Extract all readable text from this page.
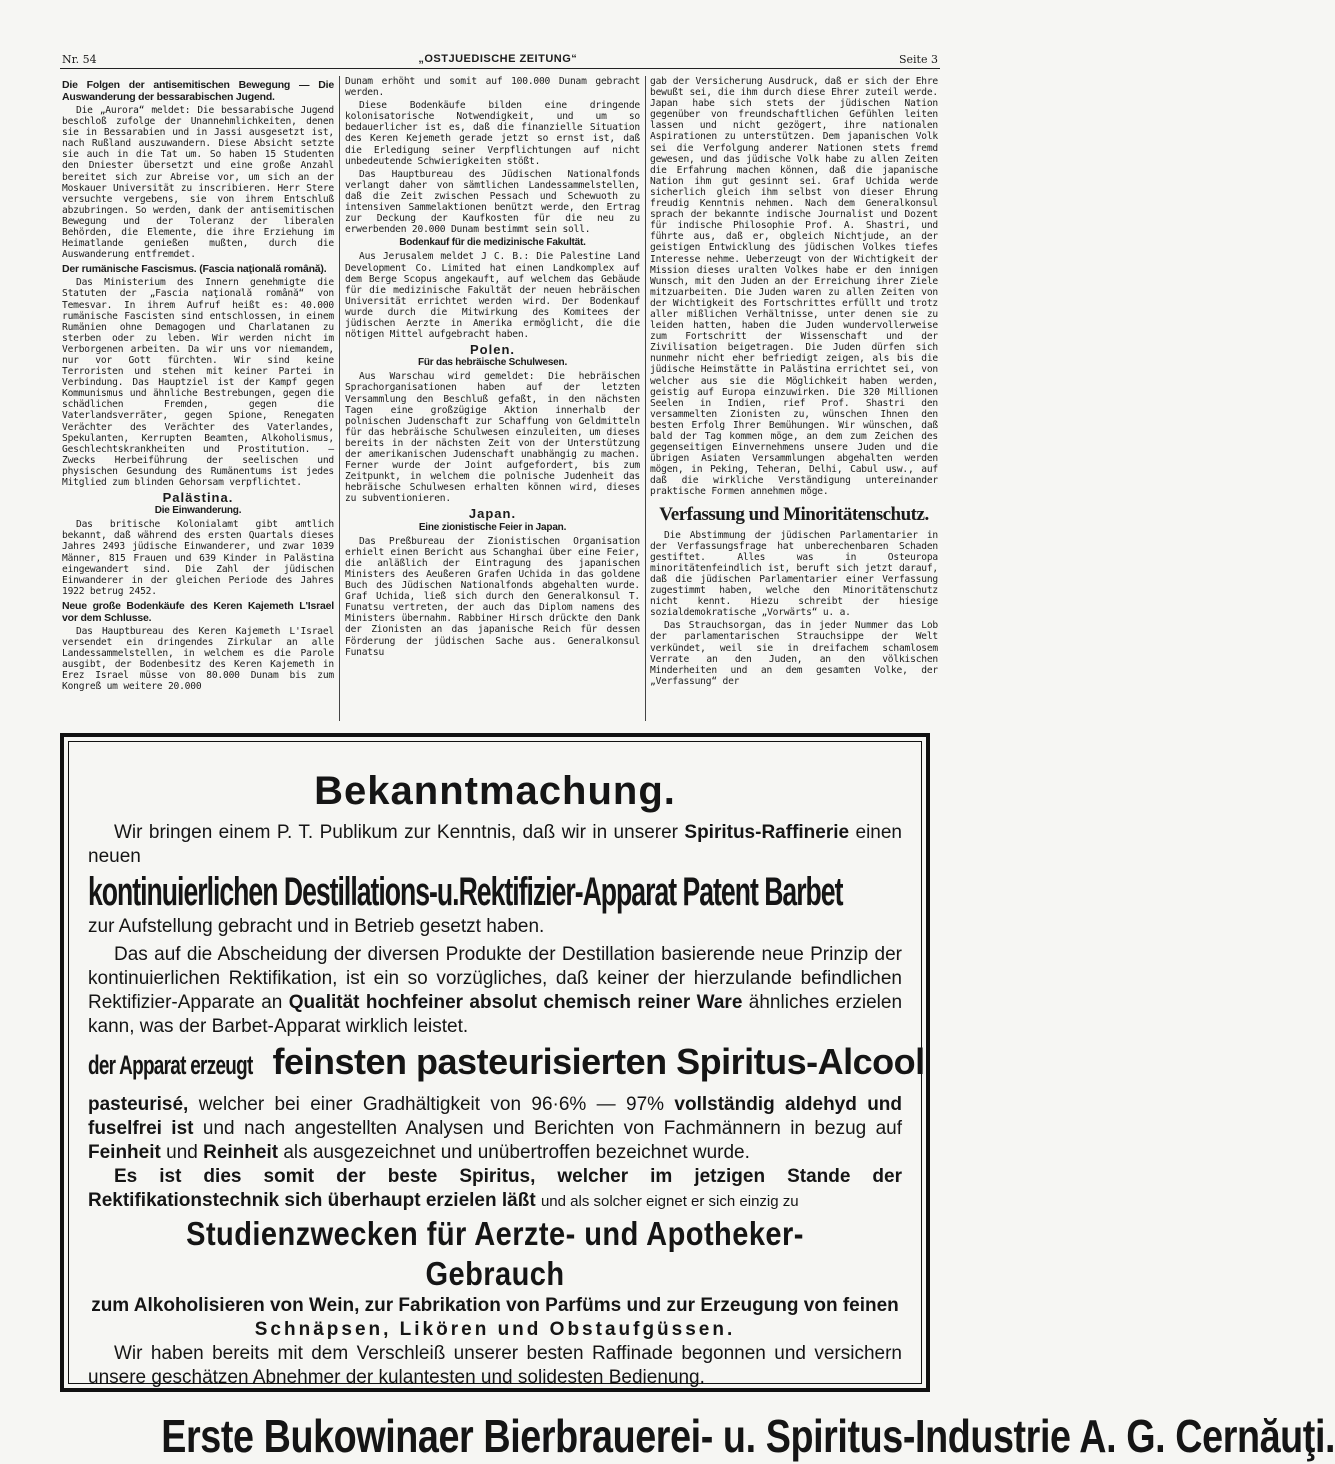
Nr. 54	„OSTJUEDISCHE ZEITUNG“	Seite 3
Die Folgen der antisemitischen Bewegung — Die Auswanderung der bessarabischen Jugend.

Die „Aurora“ meldet: Die bessarabische Jugend beschloß zufolge der Unannehmlichkeiten, denen sie in Bessarabien und in Jassi ausgesetzt ist, nach Rußland auszuwandern. Diese Absicht setzte sie auch in die Tat um. So haben 15 Studenten den Dniester übersetzt und eine große Anzahl bereitet sich zur Abreise vor, um sich an der Moskauer Universität zu inscribieren. Herr Stere versuchte vergebens, sie von ihrem Entschluß abzubringen. So werden, dank der antisemitischen Bewegung und der Toleranz der liberalen Behörden, die Elemente, die ihre Erziehung im Heimatlande genießen mußten, durch die Auswanderung entfremdet.

Der rumänische Fascismus. (Fascia naţională română).

Das Ministerium des Innern genehmigte die Statuten der „Fascia naţională română“ von Temesvar. In ihrem Aufruf heißt es: 40.000 rumänische Fascisten sind entschlossen, in einem Rumänien ohne Demagogen und Charlatanen zu sterben oder zu leben. Wir werden nicht im Verborgenen arbeiten. Da wir uns vor niemandem, nur vor Gott fürchten. Wir sind keine Terroristen und stehen mit keiner Partei in Verbindung. Das Hauptziel ist der Kampf gegen Kommunismus und ähnliche Bestrebungen, gegen die schädlichen Fremden, gegen die Vaterlandsverräter, gegen Spione, Renegaten Verächter des Verächter des Vaterlandes, Spekulanten, Kerrupten Beamten, Alkoholismus, Geschlechtskrankheiten und Prostitution. — Zwecks Herbeiführung der seelischen und physischen Gesundung des Rumänentums ist jedes Mitglied zum blinden Gehorsam verpflichtet.

Palästina.
Die Einwanderung.

Das britische Kolonialamt gibt amtlich bekannt, daß während des ersten Quartals dieses Jahres 2493 jüdische Einwanderer, und zwar 1039 Männer, 815 Frauen und 639 Kinder in Palästina eingewandert sind. Die Zahl der jüdischen Einwanderer in der gleichen Periode des Jahres 1922 betrug 2452.

Neue große Bodenkäufe des Keren Kajemeth L'Israel vor dem Schlusse.

Das Hauptbureau des Keren Kajemeth L'Israel versendet ein dringendes Zirkular an alle Landessammelstellen, in welchem es die Parole ausgibt, der Bodenbesitz des Keren Kajemeth in Erez Israel müsse von 80.000 Dunam bis zum Kongreß um weitere 20.000

Dunam erhöht und somit auf 100.000 Dunam gebracht werden.

Diese Bodenkäufe bilden eine dringende kolonisatorische Notwendigkeit, und um so bedauerlicher ist es, daß die finanzielle Situation des Keren Kejemeth gerade jetzt so ernst ist, daß die Erledigung seiner Verpflichtungen auf nicht unbedeutende Schwierigkeiten stößt.

Das Hauptbureau des Jüdischen Nationalfonds verlangt daher von sämtlichen Landessammelstellen, daß die Zeit zwischen Pessach und Schewuoth zu intensiven Sammelaktionen benützt werde, den Ertrag zur Deckung der Kaufkosten für die neu zu erwerbenden 20.000 Dunam bestimmt sein soll.

Bodenkauf für die medizinische Fakultät.

Aus Jerusalem meldet J C. B.: Die Palestine Land Development Co. Limited hat einen Landkomplex auf dem Berge Scopus angekauft, auf welchem das Gebäude für die medizinische Fakultät der neuen hebräischen Universität errichtet werden wird. Der Bodenkauf wurde durch die Mitwirkung des Komitees der jüdischen Aerzte in Amerika ermöglicht, die die nötigen Mittel aufgebracht haben.

Polen.
Für das hebräische Schulwesen.

Aus Warschau wird gemeldet: Die hebräischen Sprachorganisationen haben auf der letzten Versammlung den Beschluß gefaßt, in den nächsten Tagen eine großzügige Aktion innerhalb der polnischen Judenschaft zur Schaffung von Geldmitteln für das hebräische Schulwesen einzuleiten, um dieses bereits in der nächsten Zeit von der Unterstützung der amerikanischen Judenschaft unabhängig zu machen. Ferner wurde der Joint aufgefordert, bis zum Zeitpunkt, in welchem die polnische Judenheit das hebräische Schulwesen erhalten können wird, dieses zu subventionieren.

Japan.
Eine zionistische Feier in Japan.

Das Preßbureau der Zionistischen Organisation erhielt einen Bericht aus Schanghai über eine Feier, die anläßlich der Eintragung des japanischen Ministers des Aeußeren Grafen Uchida in das goldene Buch des Jüdischen Nationalfonds abgehalten wurde. Graf Uchida, ließ sich durch den Generalkonsul T. Funatsu vertreten, der auch das Diplom namens des Ministers übernahm. Rabbiner Hirsch drückte den Dank der Zionisten an das japanische Reich für dessen Förderung der jüdischen Sache aus. Generalkonsul Funatsu

gab der Versicherung Ausdruck, daß er sich der Ehre bewußt sei, die ihm durch diese Ehrer zuteil werde. Japan habe sich stets der jüdischen Nation gegenüber von freundschaftlichen Gefühlen leiten lassen und nicht gezögert, ihre nationalen Aspirationen zu unterstützen. Dem japanischen Volk sei die Verfolgung anderer Nationen stets fremd gewesen, und das jüdische Volk habe zu allen Zeiten die Erfahrung machen können, daß die japanische Nation ihm gut gesinnt sei. Graf Uchida werde sicherlich gleich ihm selbst von dieser Ehrung freudig Kenntnis nehmen. Nach dem Generalkonsul sprach der bekannte indische Journalist und Dozent für indische Philosophie Prof. A. Shastri, und führte aus, daß er, obgleich Nichtjude, an der geistigen Entwicklung des jüdischen Volkes tiefes Interesse nehme. Ueberzeugt von der Wichtigkeit der Mission dieses uralten Volkes habe er den innigen Wunsch, mit den Juden an der Erreichung ihrer Ziele mitzuarbeiten. Die Juden waren zu allen Zeiten von der Wichtigkeit des Fortschrittes erfüllt und trotz aller mißlichen Verhältnisse, unter denen sie zu leiden hatten, haben die Juden wundervollerweise zum Fortschritt der Wissenschaft und der Zivilisation beigetragen. Die Juden dürfen sich nunmehr nicht eher befriedigt zeigen, als bis die jüdische Heimstätte in Palästina errichtet sei, von welcher aus sie die Möglichkeit haben werden, geistig auf Europa einzuwirken. Die 320 Millionen Seelen in Indien, rief Prof. Shastri den versammelten Zionisten zu, wünschen Ihnen den besten Erfolg Ihrer Bemühungen. Wir wünschen, daß bald der Tag kommen möge, an dem zum Zeichen des gegenseitigen Einvernehmens unsere Juden und die übrigen Asiaten Versammlungen abgehalten werden mögen, in Peking, Teheran, Delhi, Cabul usw., auf daß die wirkliche Verständigung untereinander praktische Formen annehmen möge.

Verfassung und Minoritätenschutz.

Die Abstimmung der jüdischen Parlamentarier in der Verfassungsfrage hat unberechenbaren Schaden gestiftet. Alles was in Osteuropa minoritätenfeindlich ist, beruft sich jetzt darauf, daß die jüdischen Parlamentarier einer Verfassung zugestimmt haben, welche den Minoritätenschutz nicht kennt. Hiezu schreibt der hiesige sozialdemokratische „Vorwärts“ u. a.

Das Strauchsorgan, das in jeder Nummer das Lob der parlamentarischen Strauchsippe der Welt verkündet, weil sie in dreifachem schamlosem Verrate an den Juden, an den völkischen Minderheiten und an dem gesamten Volke, der „Verfassung“ der

Bekanntmachung.

Wir bringen einem P. T. Publikum zur Kenntnis, daß wir in unserer Spiritus-Raffinerie einen neuen

kontinuierlichen Destillations-u.Rektifizier-Apparat Patent Barbet

zur Aufstellung gebracht und in Betrieb gesetzt haben.

Das auf die Abscheidung der diversen Produkte der Destillation basierende neue Prinzip der kontinuierlichen Rektifikation, ist ein so vorzügliches, daß keiner der hierzulande befindlichen Rektifizier-Apparate an Qualität hochfeiner absolut chemisch reiner Ware ähnliches erzielen kann, was der Barbet-Apparat wirklich leistet.

der Apparat erzeugt feinsten pasteurisierten Spiritus-Alcool

pasteurisé, welcher bei einer Gradhältigkeit von 96·6% — 97% vollständig aldehyd und fuselfrei ist und nach angestellten Analysen und Berichten von Fachmännern in bezug auf Feinheit und Reinheit als ausgezeichnet und unübertroffen bezeichnet wurde.

Es ist dies somit der beste Spiritus, welcher im jetzigen Stande der Rektifikationstechnik sich überhaupt erzielen läßt und als solcher eignet er sich einzig zu

Studienzwecken für Aerzte- und Apotheker-Gebrauch

zum Alkoholisieren von Wein, zur Fabrikation von Parfüms und zur Erzeugung von feinen Schnäpsen, Likören und Obstaufgüssen.

Wir haben bereits mit dem Verschleiß unserer besten Raffinade begonnen und versichern unsere geschätzen Abnehmer der kulantesten und solidesten Bedienung.

Erste Bukowinaer Bierbrauerei- u. Spiritus-Industrie A. G. Cernăuţi.
